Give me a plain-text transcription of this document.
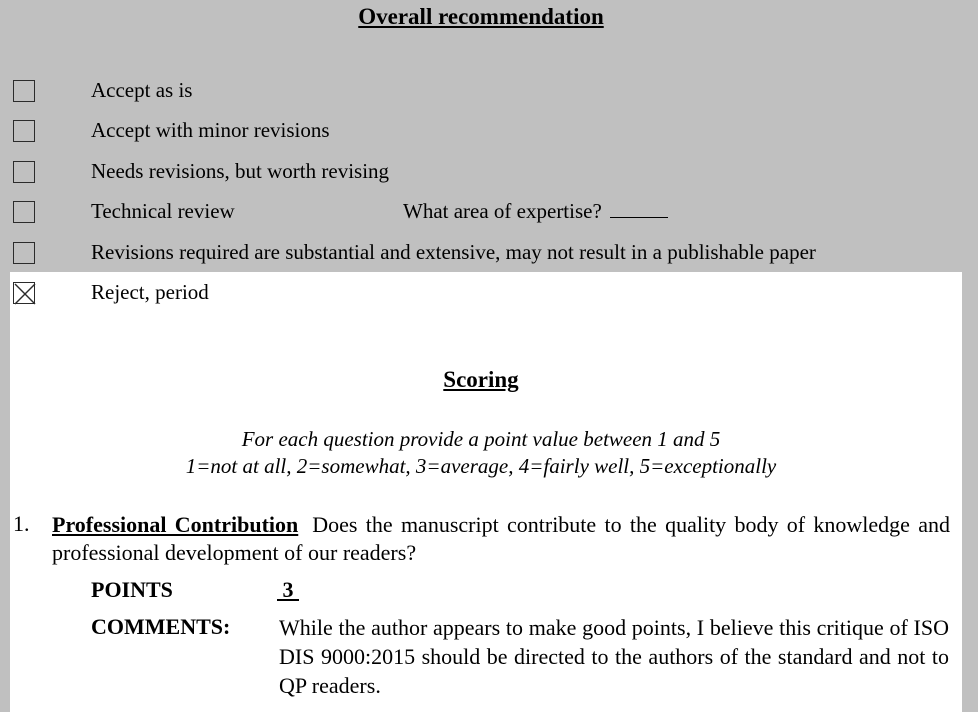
Overall recommendation
Accept as is
Accept with minor revisions
Needs revisions, but worth revising
Technical review	What area of expertise?
Revisions required are substantial and extensive, may not result in a publishable paper
Reject, period
Scoring
For each question provide a point value between 1 and 5
1=not at all, 2=somewhat, 3=average, 4=fairly well, 5=exceptionally
1. Professional Contribution Does the manuscript contribute to the quality body of knowledge and professional development of our readers?
POINTS	3
COMMENTS: While the author appears to make good points, I believe this critique of ISO DIS 9000:2015 should be directed to the authors of the standard and not to QP readers.
